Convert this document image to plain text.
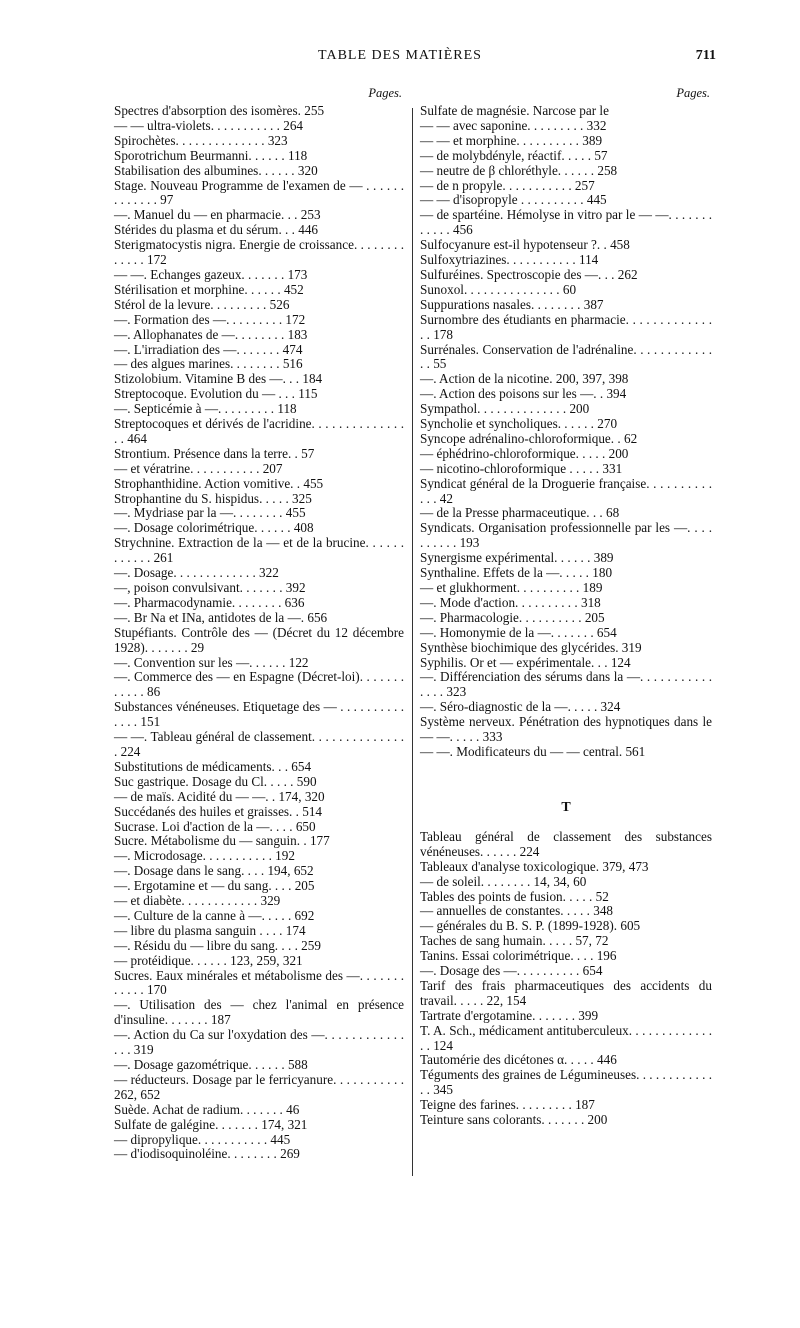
TABLE DES MATIÈRES	711
Pages.
Spectres d'absorption des isomères. 255
— — ultra-violets. . . . . . . . . . . 264
Spirochètes. . . . . . . . . . . . . . 323
Sporotrichum Beurmanni. . . . . . 118
Stabilisation des albumines. . . . . . 320
Stage. Nouveau Programme de l'examen de — . . . . . . . . . . . . . 97
—. Manuel du — en pharmacie. . . 253
Stérides du plasma et du sérum. . . 446
Sterigmatocystis nigra. Energie de croissance. . . . . . . . . . . . . 172
— —. Echanges gazeux. . . . . . . 173
Stérilisation et morphine. . . . . . 452
Stérol de la levure. . . . . . . . . 526
—. Formation des —. . . . . . . . . 172
—. Allophanates de —. . . . . . . . 183
—. L'irradiation des —. . . . . . . 474
— des algues marines. . . . . . . . 516
Stizolobium. Vitamine B des —. . . 184
Streptocoque. Evolution du — . . . 115
—. Septicémie à —. . . . . . . . . 118
Streptocoques et dérivés de l'acridine. . . . . . . . . . . . . . . . 464
Strontium. Présence dans la terre. . 57
— et vératrine. . . . . . . . . . . 207
Strophanthidine. Action vomitive. . 455
Strophantine du S. hispidus. . . . . 325
—. Mydriase par la —. . . . . . . . 455
—. Dosage colorimétrique. . . . . . 408
Strychnine. Extraction de la — et de la brucine. . . . . . . . . . . . 261
—. Dosage. . . . . . . . . . . . . 322
—, poison convulsivant. . . . . . . 392
—. Pharmacodynamie. . . . . . . . 636
—. Br Na et INa, antidotes de la —. 656
Stupéfiants. Contrôle des — (Décret du 12 décembre 1928). . . . . . . 29
—. Convention sur les —. . . . . . 122
—. Commerce des — en Espagne (Décret-loi). . . . . . . . . . . . 86
Substances vénéneuses. Etiquetage des — . . . . . . . . . . . . . . 151
— —. Tableau général de classement. . . . . . . . . . . . . . . 224
Substitutions de médicaments. . . 654
Suc gastrique. Dosage du Cl. . . . . 590
— de maïs. Acidité du — —. . 174, 320
Succédanés des huiles et graisses. . 514
Sucrase. Loi d'action de la —. . . . 650
Sucre. Métabolisme du — sanguin. . 177
—. Microdosage. . . . . . . . . . . 192
—. Dosage dans le sang. . . . 194, 652
—. Ergotamine et — du sang. . . . 205
— et diabète. . . . . . . . . . . . 329
—. Culture de la canne à —. . . . . 692
— libre du plasma sanguin . . . . 174
—. Résidu du — libre du sang. . . . 259
— protéidique. . . . . . 123, 259, 321
Sucres. Eaux minérales et métabolisme des —. . . . . . . . . . . . 170
—. Utilisation des — chez l'animal en présence d'insuline. . . . . . . 187
—. Action du Ca sur l'oxydation des —. . . . . . . . . . . . . . . 319
—. Dosage gazométrique. . . . . . 588
— réducteurs. Dosage par le ferricyanure. . . . . . . . . . . 262, 652
Suède. Achat de radium. . . . . . . 46
Sulfate de galégine. . . . . . . 174, 321
— dipropylique. . . . . . . . . . . 445
— d'iodisoquinoléine. . . . . . . . 269
Pages.
Sulfate de magnésie. Narcose par le
— — avec saponine. . . . . . . . . 332
— — et morphine. . . . . . . . . . 389
— de molybdényle, réactif. . . . . 57
— neutre de β chloréthyle. . . . . . 258
— de n propyle. . . . . . . . . . . 257
— — d'isopropyle . . . . . . . . . . 445
— de spartéine. Hémolyse in vitro par le — —. . . . . . . . . . . . 456
Sulfocyanure est-il hypotenseur ?. . 458
Sulfoxytriazines. . . . . . . . . . . 114
Sulfuréines. Spectroscopie des —. . . 262
Sunoxol. . . . . . . . . . . . . . . 60
Suppurations nasales. . . . . . . . 387
Surnombre des étudiants en pharmacie. . . . . . . . . . . . . . . 178
Surrénales. Conservation de l'adrénaline. . . . . . . . . . . . . . 55
—. Action de la nicotine. 200, 397, 398
—. Action des poisons sur les —. . 394
Sympathol. . . . . . . . . . . . . . 200
Syncholie et syncholiques. . . . . . 270
Syncope adrénalino-chloroformique. . 62
— éphédrino-chloroformique. . . . . 200
— nicotino-chloroformique . . . . . 331
Syndicat général de la Droguerie française. . . . . . . . . . . . . 42
— de la Presse pharmaceutique. . . 68
Syndicats. Organisation professionnelle par les —. . . . . . . . . . 193
Synergisme expérimental. . . . . . 389
Synthaline. Effets de la —. . . . . 180
— et glukhorment. . . . . . . . . . 189
—. Mode d'action. . . . . . . . . . 318
—. Pharmacologie. . . . . . . . . . 205
—. Homonymie de la —. . . . . . . 654
Synthèse biochimique des glycérides. 319
Syphilis. Or et — expérimentale. . . 124
—. Différenciation des sérums dans la —. . . . . . . . . . . . . . . 323
—. Séro-diagnostic de la —. . . . . 324
Système nerveux. Pénétration des hypnotiques dans le — —. . . . . 333
— —. Modificateurs du — — central. 561
T
Tableau général de classement des substances vénéneuses. . . . . . 224
Tableaux d'analyse toxicologique. 379, 473
— de soleil. . . . . . . . 14, 34, 60
Tables des points de fusion. . . . . 52
— annuelles de constantes. . . . . 348
— générales du B. S. P. (1899-1928). 605
Taches de sang humain. . . . . 57, 72
Tanins. Essai colorimétrique. . . . 196
—. Dosage des —. . . . . . . . . . 654
Tarif des frais pharmaceutiques des accidents du travail. . . . . 22, 154
Tartrate d'ergotamine. . . . . . . 399
T. A. Sch., médicament antituberculeux. . . . . . . . . . . . . . . 124
Tautomérie des dicétones α. . . . . 446
Téguments des graines de Légumineuses. . . . . . . . . . . . . . 345
Teigne des farines. . . . . . . . . 187
Teinture sans colorants. . . . . . . 200
